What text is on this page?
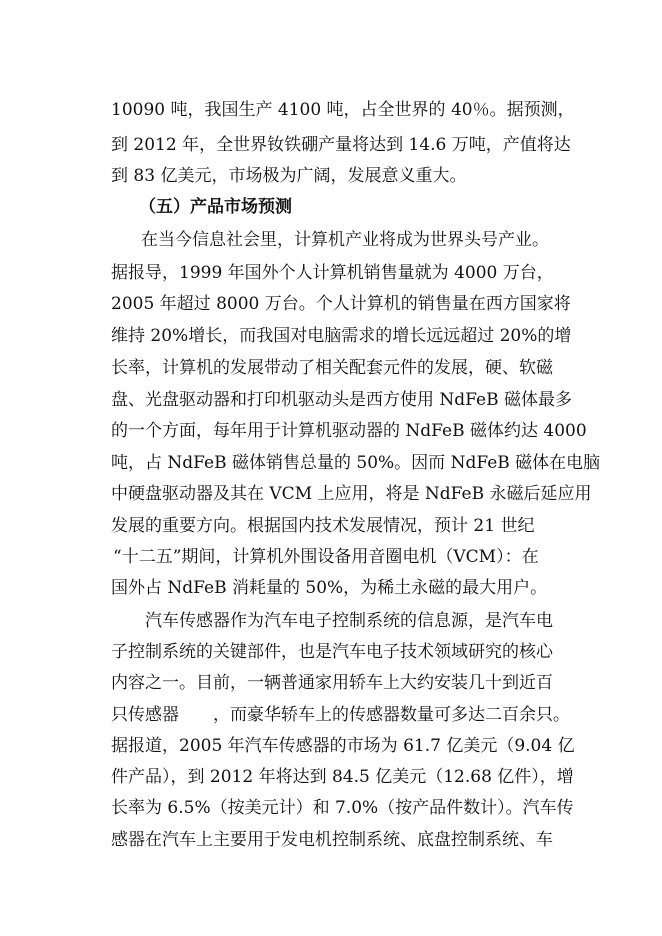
10090 吨，我国生产 4100 吨，占全世界的 40％。据预测，
到 2012 年，全世界钕铁硼产量将达到 14.6 万吨，产值将达
到 83 亿美元，市场极为广阔，发展意义重大。
（五）产品市场预测
在当今信息社会里，计算机产业将成为世界头号产业。
据报导，1999 年国外个人计算机销售量就为 4000 万台，
2005 年超过 8000 万台。个人计算机的销售量在西方国家将
维持 20%增长，而我国对电脑需求的增长远远超过 20%的增
长率，计算机的发展带动了相关配套元件的发展，硬、软磁
盘、光盘驱动器和打印机驱动头是西方使用 NdFeB 磁体最多
的一个方面，每年用于计算机驱动器的 NdFeB 磁体约达 4000
吨，占 NdFeB 磁体销售总量的 50%。因而 NdFeB 磁体在电脑
中硬盘驱动器及其在 VCM 上应用，将是 NdFeB 永磁后延应用
发展的重要方向。根据国内技术发展情况，预计 21 世纪
“十二五”期间，计算机外围设备用音圈电机（VCM）：在
国外占 NdFeB 消耗量的 50%，为稀土永磁的最大用户。
汽车传感器作为汽车电子控制系统的信息源，是汽车电
子控制系统的关键部件，也是汽车电子技术领域研究的核心
内容之一。目前，一辆普通家用轿车上大约安装几十到近百
只传感器　　，而豪华轿车上的传感器数量可多达二百余只。
据报道，2005 年汽车传感器的市场为 61.7 亿美元（9.04 亿
件产品），到 2012 年将达到 84.5 亿美元（12.68 亿件），增
长率为 6.5%（按美元计）和 7.0%（按产品件数计）。汽车传
感器在汽车上主要用于发电机控制系统、底盘控制系统、车
